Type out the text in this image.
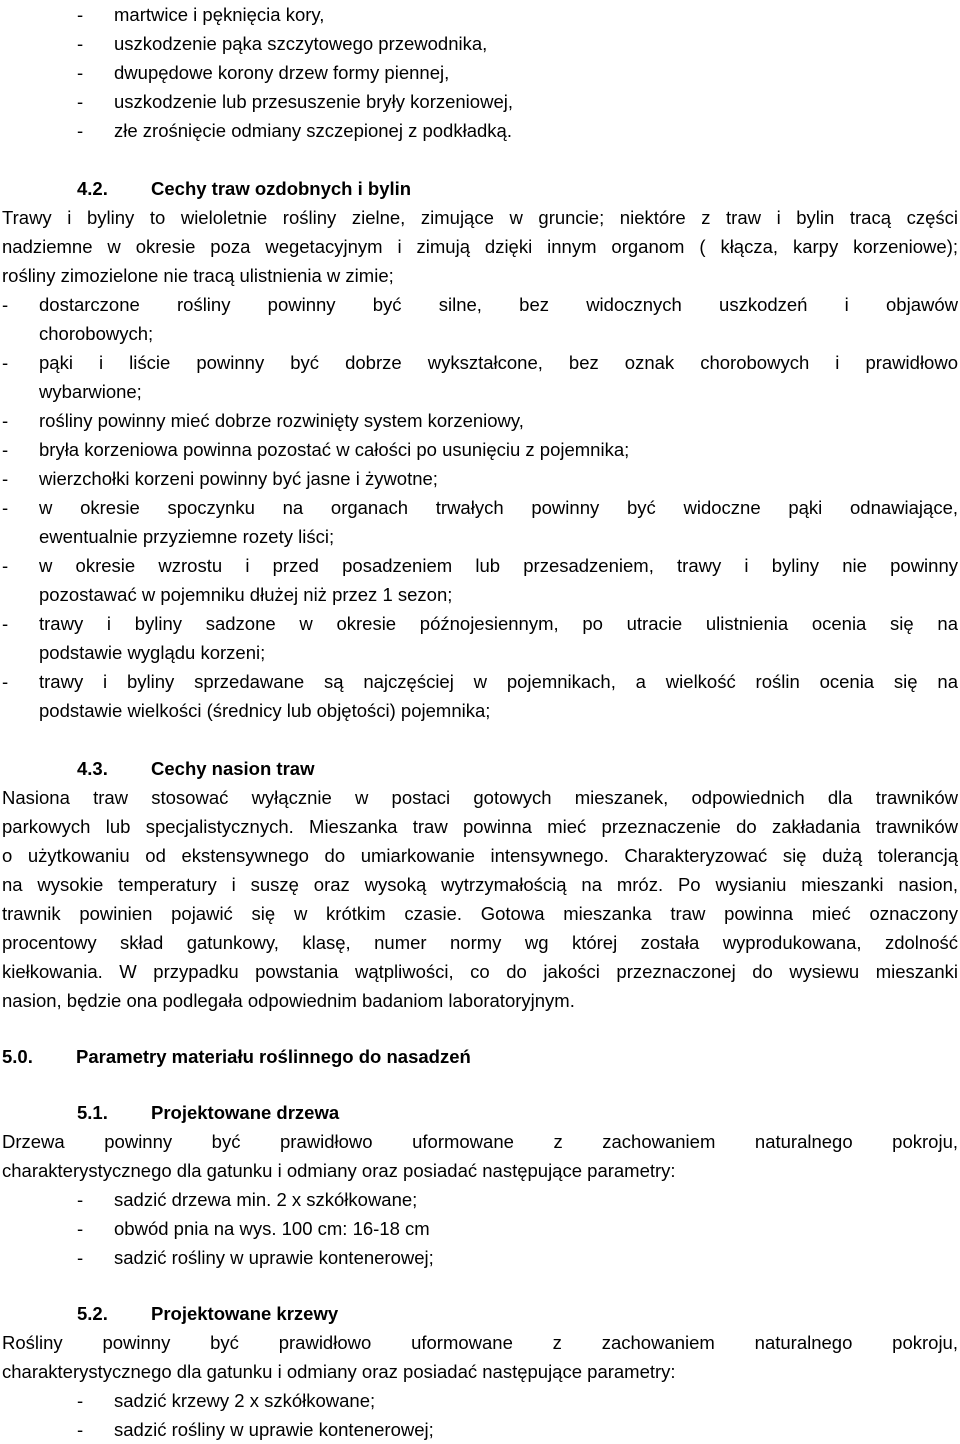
-	martwice i pęknięcia kory,
-	uszkodzenie pąka szczytowego przewodnika,
-	dwupędowe korony drzew formy piennej,
-	uszkodzenie lub przesuszenie bryły korzeniowej,
-	złe zrośnięcie odmiany szczepionej z podkładką.
4.2.	Cechy traw ozdobnych i bylin
Trawy i byliny to wieloletnie rośliny zielne, zimujące w gruncie; niektóre z traw i bylin tracą części
nadziemne w okresie poza wegetacyjnym i zimują dzięki innym organom ( kłącza, karpy korzeniowe);
rośliny zimozielone nie tracą ulistnienia w zimie;
-	dostarczone rośliny powinny być silne, bez widocznych uszkodzeń i objawów
chorobowych;
-	pąki i liście powinny być dobrze wykształcone, bez oznak chorobowych i prawidłowo
wybarwione;
-	rośliny powinny mieć dobrze rozwinięty system korzeniowy,
-	bryła korzeniowa powinna pozostać w całości po usunięciu z pojemnika;
-	wierzchołki korzeni powinny być jasne i żywotne;
-	w okresie spoczynku na organach trwałych powinny być widoczne pąki odnawiające,
ewentualnie przyziemne rozety liści;
-	w okresie wzrostu i przed posadzeniem lub przesadzeniem, trawy i byliny nie powinny
pozostawać w pojemniku dłużej niż przez 1 sezon;
-	trawy i byliny sadzone w okresie późnojesiennym, po utracie ulistnienia ocenia się na
podstawie wyglądu korzeni;
-	trawy i byliny sprzedawane są najczęściej w pojemnikach, a wielkość roślin ocenia się na
podstawie wielkości (średnicy lub objętości) pojemnika;
4.3.	Cechy nasion traw
Nasiona traw stosować wyłącznie w postaci gotowych mieszanek, odpowiednich dla trawników
parkowych lub specjalistycznych. Mieszanka traw powinna mieć przeznaczenie do zakładania trawników
o użytkowaniu od ekstensywnego do umiarkowanie intensywnego. Charakteryzować się dużą tolerancją
na wysokie temperatury i suszę oraz wysoką wytrzymałością na mróz. Po wysianiu mieszanki nasion,
trawnik powinien pojawić się w krótkim czasie. Gotowa mieszanka traw powinna mieć oznaczony
procentowy skład gatunkowy, klasę, numer normy wg której została wyprodukowana, zdolność
kiełkowania. W przypadku powstania wątpliwości, co do jakości przeznaczonej do wysiewu mieszanki
nasion, będzie ona podlegała odpowiednim badaniom laboratoryjnym.
5.0.	Parametry materiału roślinnego do nasadzeń
5.1.	Projektowane drzewa
Drzewa powinny być prawidłowo uformowane z zachowaniem naturalnego pokroju,
charakterystycznego dla gatunku i odmiany oraz posiadać następujące parametry:
-	sadzić drzewa min. 2 x szkółkowane;
-	obwód pnia na wys. 100 cm: 16-18 cm
-	sadzić rośliny w uprawie kontenerowej;
5.2.	Projektowane krzewy
Rośliny powinny być prawidłowo uformowane z zachowaniem naturalnego pokroju,
charakterystycznego dla gatunku i odmiany oraz posiadać następujące parametry:
-	sadzić krzewy 2 x szkółkowane;
-	sadzić rośliny w uprawie kontenerowej;
